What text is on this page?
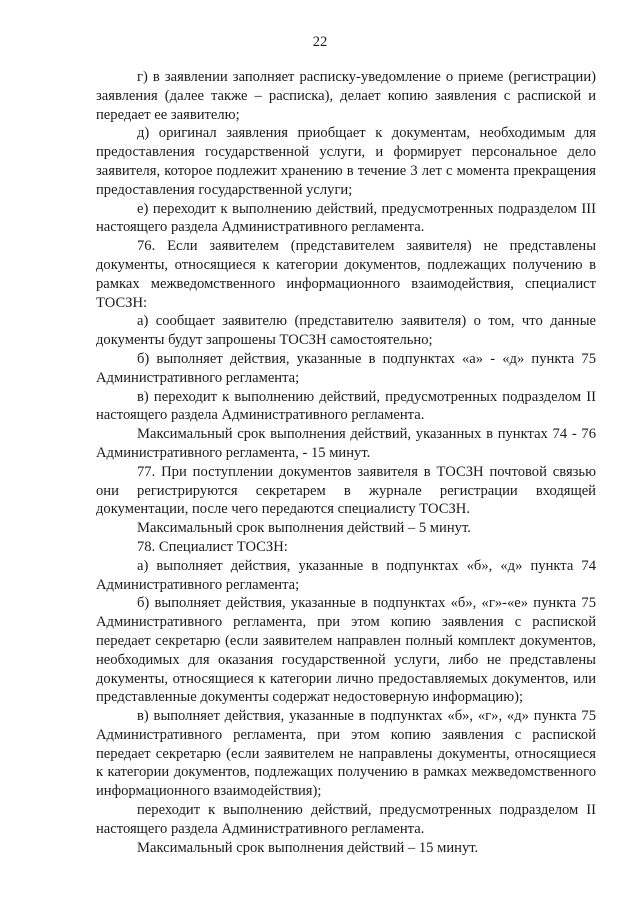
22

г) в заявлении заполняет расписку-уведомление о приеме (регистрации) заявления (далее также – расписка), делает копию заявления с распиской и передает ее заявителю;

д) оригинал заявления приобщает к документам, необходимым для предоставления государственной услуги, и формирует персональное дело заявителя, которое подлежит хранению в течение 3 лет с момента прекращения предоставления государственной услуги;

е) переходит к выполнению действий, предусмотренных подразделом III настоящего раздела Административного регламента.

76. Если заявителем (представителем заявителя) не представлены документы, относящиеся к категории документов, подлежащих получению в рамках межведомственного информационного взаимодействия, специалист ТОСЗН:

а) сообщает заявителю (представителю заявителя) о том, что данные документы будут запрошены ТОСЗН самостоятельно;

б) выполняет действия, указанные в подпунктах «а» - «д» пункта 75 Административного регламента;

в) переходит к выполнению действий, предусмотренных подразделом II настоящего раздела Административного регламента.

Максимальный срок выполнения действий, указанных в пунктах 74 - 76 Административного регламента, - 15 минут.

77. При поступлении документов заявителя в ТОСЗН почтовой связью они регистрируются секретарем в журнале регистрации входящей документации, после чего передаются специалисту ТОСЗН.

Максимальный срок выполнения действий – 5 минут.

78. Специалист ТОСЗН:

а) выполняет действия, указанные в подпунктах «б», «д» пункта 74 Административного регламента;

б) выполняет действия, указанные в подпунктах «б», «г»-«е» пункта 75 Административного регламента, при этом копию заявления с распиской передает секретарю (если заявителем направлен полный комплект документов, необходимых для оказания государственной услуги, либо не представлены документы, относящиеся к категории лично предоставляемых документов, или представленные документы содержат недостоверную информацию);

в) выполняет действия, указанные в подпунктах «б», «г», «д» пункта 75 Административного регламента, при этом копию заявления с распиской передает секретарю (если заявителем не направлены документы, относящиеся к категории документов, подлежащих получению в рамках межведомственного информационного взаимодействия);

переходит к выполнению действий, предусмотренных подразделом II настоящего раздела Административного регламента.

Максимальный срок выполнения действий – 15 минут.
